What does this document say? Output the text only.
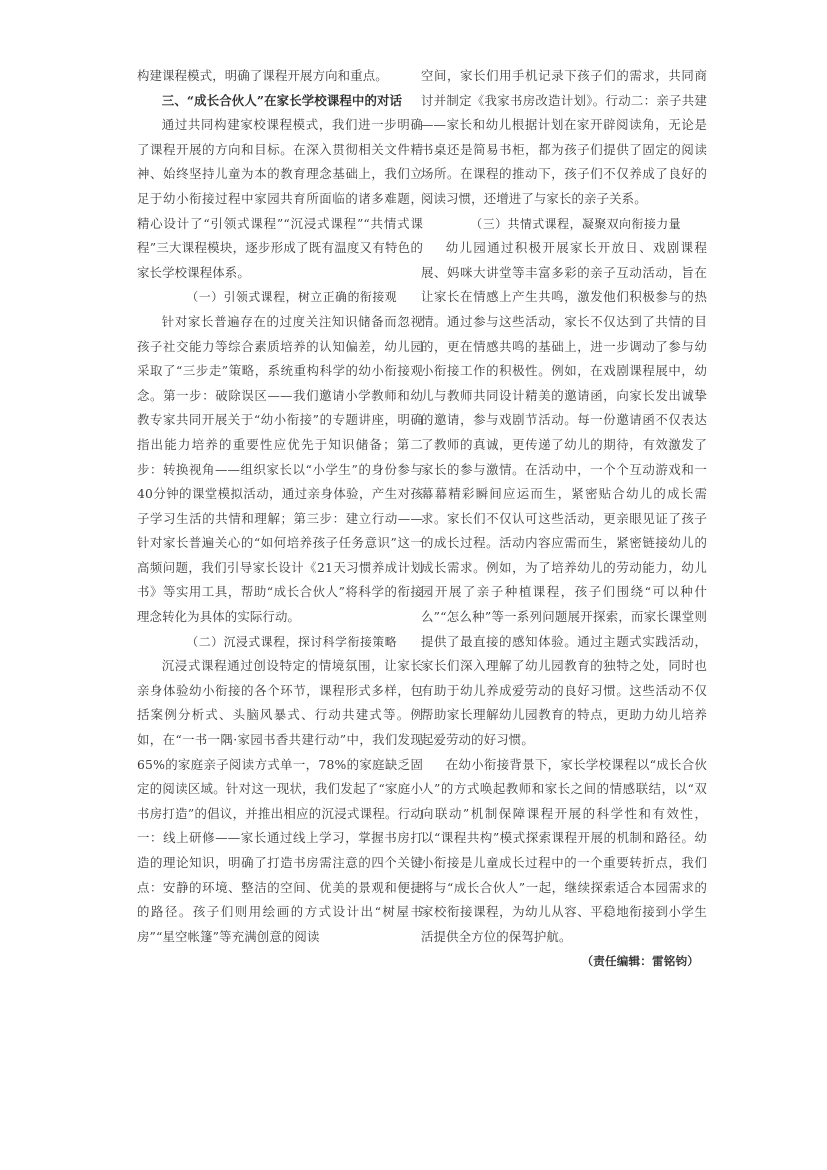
构建课程模式，明确了课程开展方向和重点。

三、“成长合伙人”在家长学校课程中的对话

通过共同构建家校课程模式，我们进一步明确了课程开展的方向和目标。在深入贯彻相关文件精神、始终坚持儿童为本的教育理念基础上，我们立足于幼小衔接过程中家园共育所面临的诸多难题，精心设计了“引领式课程”“沉浸式课程”“共情式课程”三大课程模块，逐步形成了既有温度又有特色的家长学校课程体系。

（一）引领式课程，树立正确的衔接观

针对家长普遍存在的过度关注知识储备而忽视孩子社交能力等综合素质培养的认知偏差，幼儿园采取了“三步走”策略，系统重构科学的幼小衔接观念。第一步：破除误区——我们邀请小学教师和幼教专家共同开展关于“幼小衔接”的专题讲座，明确指出能力培养的重要性应优先于知识储备；第二步：转换视角——组织家长以“小学生”的身份参与40分钟的课堂模拟活动，通过亲身体验，产生对孩子学习生活的共情和理解；第三步：建立行动——针对家长普遍关心的“如何培养孩子任务意识”这一高频问题，我们引导家长设计《21天习惯养成计划书》等实用工具，帮助“成长合伙人”将科学的衔接理念转化为具体的实际行动。

（二）沉浸式课程，探讨科学衔接策略

沉浸式课程通过创设特定的情境氛围，让家长亲身体验幼小衔接的各个环节，课程形式多样，包括案例分析式、头脑风暴式、行动共建式等。例如，在“一书一隅·家园书香共建行动”中，我们发现65%的家庭亲子阅读方式单一，78%的家庭缺乏固定的阅读区域。针对这一现状，我们发起了“家庭小书房打造”的倡议，并推出相应的沉浸式课程。行动一：线上研修——家长通过线上学习，掌握书房打造的理论知识，明确了打造书房需注意的四个关键点：安静的环境、整洁的空间、优美的景观和便捷的路径。孩子们则用绘画的方式设计出“树屋书房”“星空帐篷”等充满创意的阅读

空间，家长们用手机记录下孩子们的需求，共同商讨并制定《我家书房改造计划》。行动二：亲子共建——家长和幼儿根据计划在家开辟阅读角，无论是书桌还是简易书柜，都为孩子们提供了固定的阅读场所。在课程的推动下，孩子们不仅养成了良好的阅读习惯，还增进了与家长的亲子关系。

（三）共情式课程，凝聚双向衔接力量

幼儿园通过积极开展家长开放日、戏剧课程展、妈咪大讲堂等丰富多彩的亲子互动活动，旨在让家长在情感上产生共鸣，激发他们积极参与的热情。通过参与这些活动，家长不仅达到了共情的目的，更在情感共鸣的基础上，进一步调动了参与幼小衔接工作的积极性。例如，在戏剧课程展中，幼儿与教师共同设计精美的邀请函，向家长发出诚挚的邀请，参与戏剧节活动。每一份邀请函不仅表达了教师的真诚，更传递了幼儿的期待，有效激发了家长的参与激情。在活动中，一个个互动游戏和一幕幕精彩瞬间应运而生，紧密贴合幼儿的成长需求。家长们不仅认可这些活动，更亲眼见证了孩子的成长过程。活动内容应需而生，紧密链接幼儿的成长需求。例如，为了培养幼儿的劳动能力，幼儿园开展了亲子种植课程，孩子们围绕“可以种什么”“怎么种”等一系列问题展开探索，而家长课堂则提供了最直接的感知体验。通过主题式实践活动，家长们深入理解了幼儿园教育的独特之处，同时也有助于幼儿养成爱劳动的良好习惯。这些活动不仅帮助家长理解幼儿园教育的特点，更助力幼儿培养起爱劳动的好习惯。

在幼小衔接背景下，家长学校课程以“成长合伙人”的方式唤起教师和家长之间的情感联结，以“双向联动”机制保障课程开展的科学性和有效性，以“课程共构”模式探索课程开展的机制和路径。幼小衔接是儿童成长过程中的一个重要转折点，我们将与“成长合伙人”一起，继续探索适合本园需求的家校衔接课程，为幼儿从容、平稳地衔接到小学生活提供全方位的保驾护航。

（责任编辑：雷铭钧）
